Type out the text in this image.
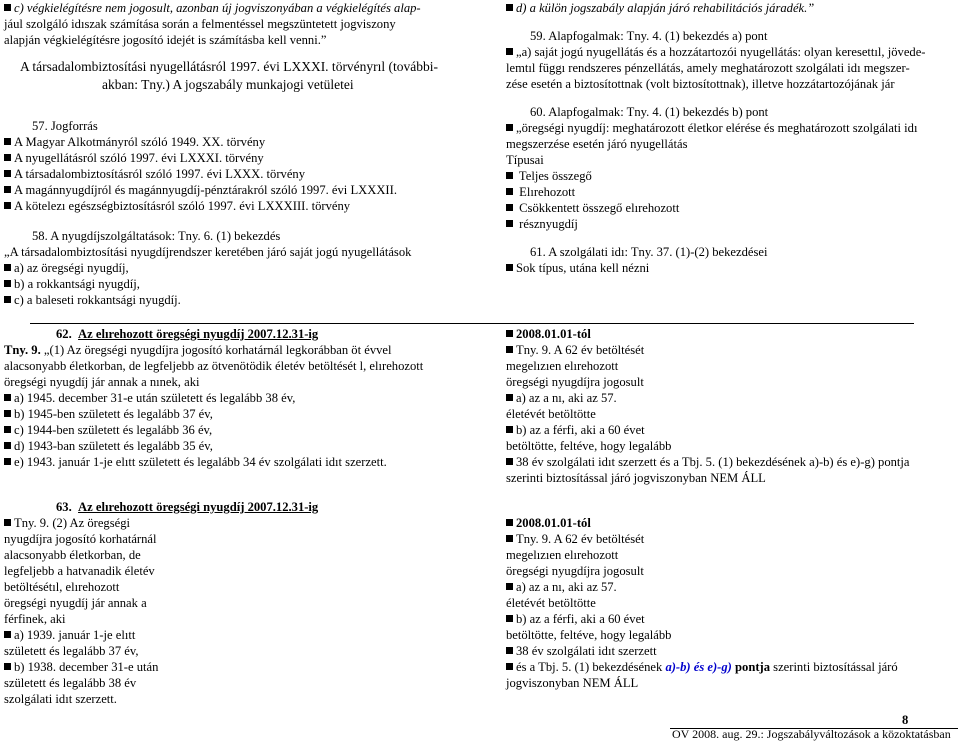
c) végkielégítésre nem jogosult, azonban új jogviszonyában a végkielégítés alap-
jául szolgáló idıszak számítása során a felmentéssel megszüntetett jogviszony
alapján végkielégítésre jogosító idejét is számításba kell venni.”
A társadalombiztosítási nyugellátásról 1997. évi LXXXI. törvényrıl (további-
akban: Tny.) A jogszabály munkajogi vetületei
57. Jogforrás
A Magyar Alkotmányról szóló 1949. XX. törvény
A nyugellátásról szóló 1997. évi LXXXI. törvény
A társadalombiztosításról szóló 1997. évi LXXX. törvény
A magánnyugdíjról és magánnyugdíj-pénztárakról szóló 1997. évi LXXXII.
A kötelezı egészségbiztosításról szóló 1997. évi LXXXIII. törvény
58. A nyugdíjszolgáltatások: Tny. 6. (1) bekezdés
„A társadalombiztosítási nyugdíjrendszer keretében járó saját jogú nyugellátások
a) az öregségi nyugdíj,
b) a rokkantsági nyugdíj,
c) a baleseti rokkantsági nyugdíj.
d) a külön jogszabály alapján járó rehabilitációs járadék.”
59. Alapfogalmak: Tny. 4. (1) bekezdés a) pont
„a) saját jogú nyugellátás és a hozzátartozói nyugellátás: olyan keresettıl, jövede-
lemtıl függı rendszeres pénzellátás, amely meghatározott szolgálati idı megszer-
zése esetén a biztosítottnak (volt biztosítottnak), illetve hozzátartozójának jár
60. Alapfogalmak: Tny. 4. (1) bekezdés b) pont
„öregségi nyugdíj: meghatározott életkor elérése és meghatározott szolgálati idı
megszerzése esetén járó nyugellátás
Típusai
Teljes összegő
Elırehozott
Csökkentett összegő elırehozott
résznyugdíj
61. A szolgálati idı: Tny. 37. (1)-(2) bekezdései
Sok típus, utána kell nézni
62. Az elırehozott öregségi nyugdíj 2007.12.31-ig
Tny. 9. „(1) Az öregségi nyugdíjra jogosító korhatárnál legkorábban öt évvel
alacsonyabb életkorban, de legfeljebb az ötvenötödik életév betöltését l, elırehozott
öregségi nyugdíj jár annak a nınek, aki
a) 1945. december 31-e után született és legalább 38 év,
b) 1945-ben született és legalább 37 év,
c) 1944-ben született és legalább 36 év,
d) 1943-ban született és legalább 35 év,
e) 1943. január 1-je elıtt született és legalább 34 év szolgálati idıt szerzett.
2008.01.01-tól
Tny. 9. A 62 év betöltését
megelızıen elırehozott
öregségi nyugdíjra jogosult
a) az a nı, aki az 57.
életévét betöltötte
b) az a férfi, aki a 60 évet
betöltötte, feltéve, hogy legalább
38 év szolgálati idıt szerzett és a Tbj. 5. (1) bekezdésének a)-b) és e)-g) pontja
szerinti biztosítással járó jogviszonyban NEM ÁLL
63. Az elırehozott öregségi nyugdíj 2007.12.31-ig
Tny. 9. (2) Az öregségi
nyugdíjra jogosító korhatárnál
alacsonyabb életkorban, de
legfeljebb a hatvanadik életév
betöltésétıl, elırehozott
öregségi nyugdíj jár annak a
férfinek, aki
a) 1939. január 1-je elıtt
született és legalább 37 év,
b) 1938. december 31-e után
született és legalább 38 év
szolgálati idıt szerzett.
2008.01.01-tól
Tny. 9. A 62 év betöltését
megelızıen elırehozott
öregségi nyugdíjra jogosult
a) az a nı, aki az 57.
életévét betöltötte
b) az a férfi, aki a 60 évet
betöltötte, feltéve, hogy legalább
38 év szolgálati idıt szerzett
és a Tbj. 5. (1) bekezdésének a)-b) és e)-g) pontja szerinti biztosítással járó
jogviszonyban NEM ÁLL
8
OV 2008. aug. 29.: Jogszabályváltozások a közoktatásban
